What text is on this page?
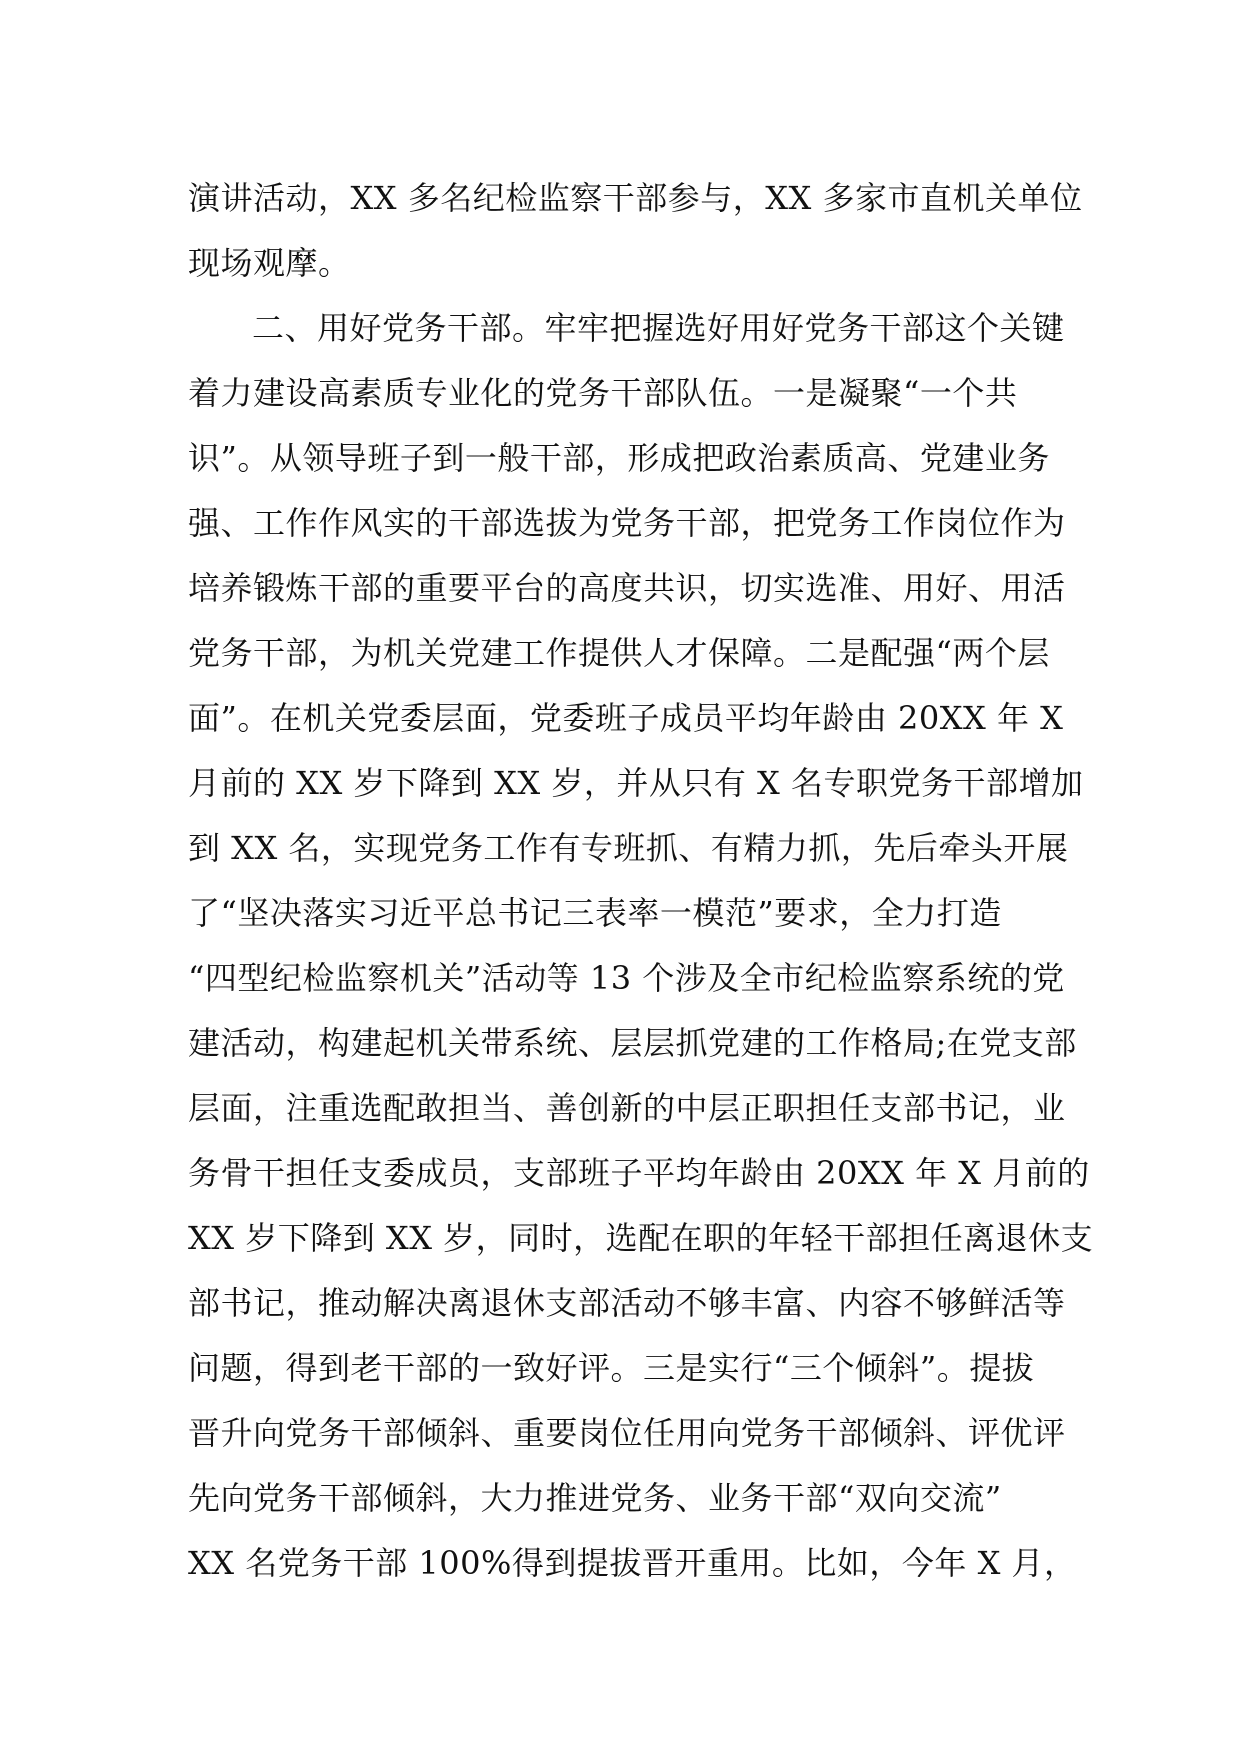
演讲活动，XX 多名纪检监察干部参与，XX 多家市直机关单位
现场观摩。
二、用好党务干部。牢牢把握选好用好党务干部这个关键
着力建设高素质专业化的党务干部队伍。一是凝聚“一个共
识”。从领导班子到一般干部，形成把政治素质高、党建业务
强、工作作风实的干部选拔为党务干部，把党务工作岗位作为
培养锻炼干部的重要平台的高度共识，切实选准、用好、用活
党务干部，为机关党建工作提供人才保障。二是配强“两个层
面”。在机关党委层面，党委班子成员平均年龄由 20XX 年 X
月前的 XX 岁下降到 XX 岁，并从只有 X 名专职党务干部增加
到 XX 名，实现党务工作有专班抓、有精力抓，先后牵头开展
了“坚决落实习近平总书记三表率一模范”要求，全力打造
“四型纪检监察机关”活动等 13 个涉及全市纪检监察系统的党
建活动，构建起机关带系统、层层抓党建的工作格局;在党支部
层面，注重选配敢担当、善创新的中层正职担任支部书记，业
务骨干担任支委成员，支部班子平均年龄由 20XX 年 X 月前的
XX 岁下降到 XX 岁，同时，选配在职的年轻干部担任离退休支
部书记，推动解决离退休支部活动不够丰富、内容不够鲜活等
问题，得到老干部的一致好评。三是实行“三个倾斜”。提拔
晋升向党务干部倾斜、重要岗位任用向党务干部倾斜、评优评
先向党务干部倾斜，大力推进党务、业务干部“双向交流”
XX 名党务干部 100%得到提拔晋开重用。比如，今年 X 月，
